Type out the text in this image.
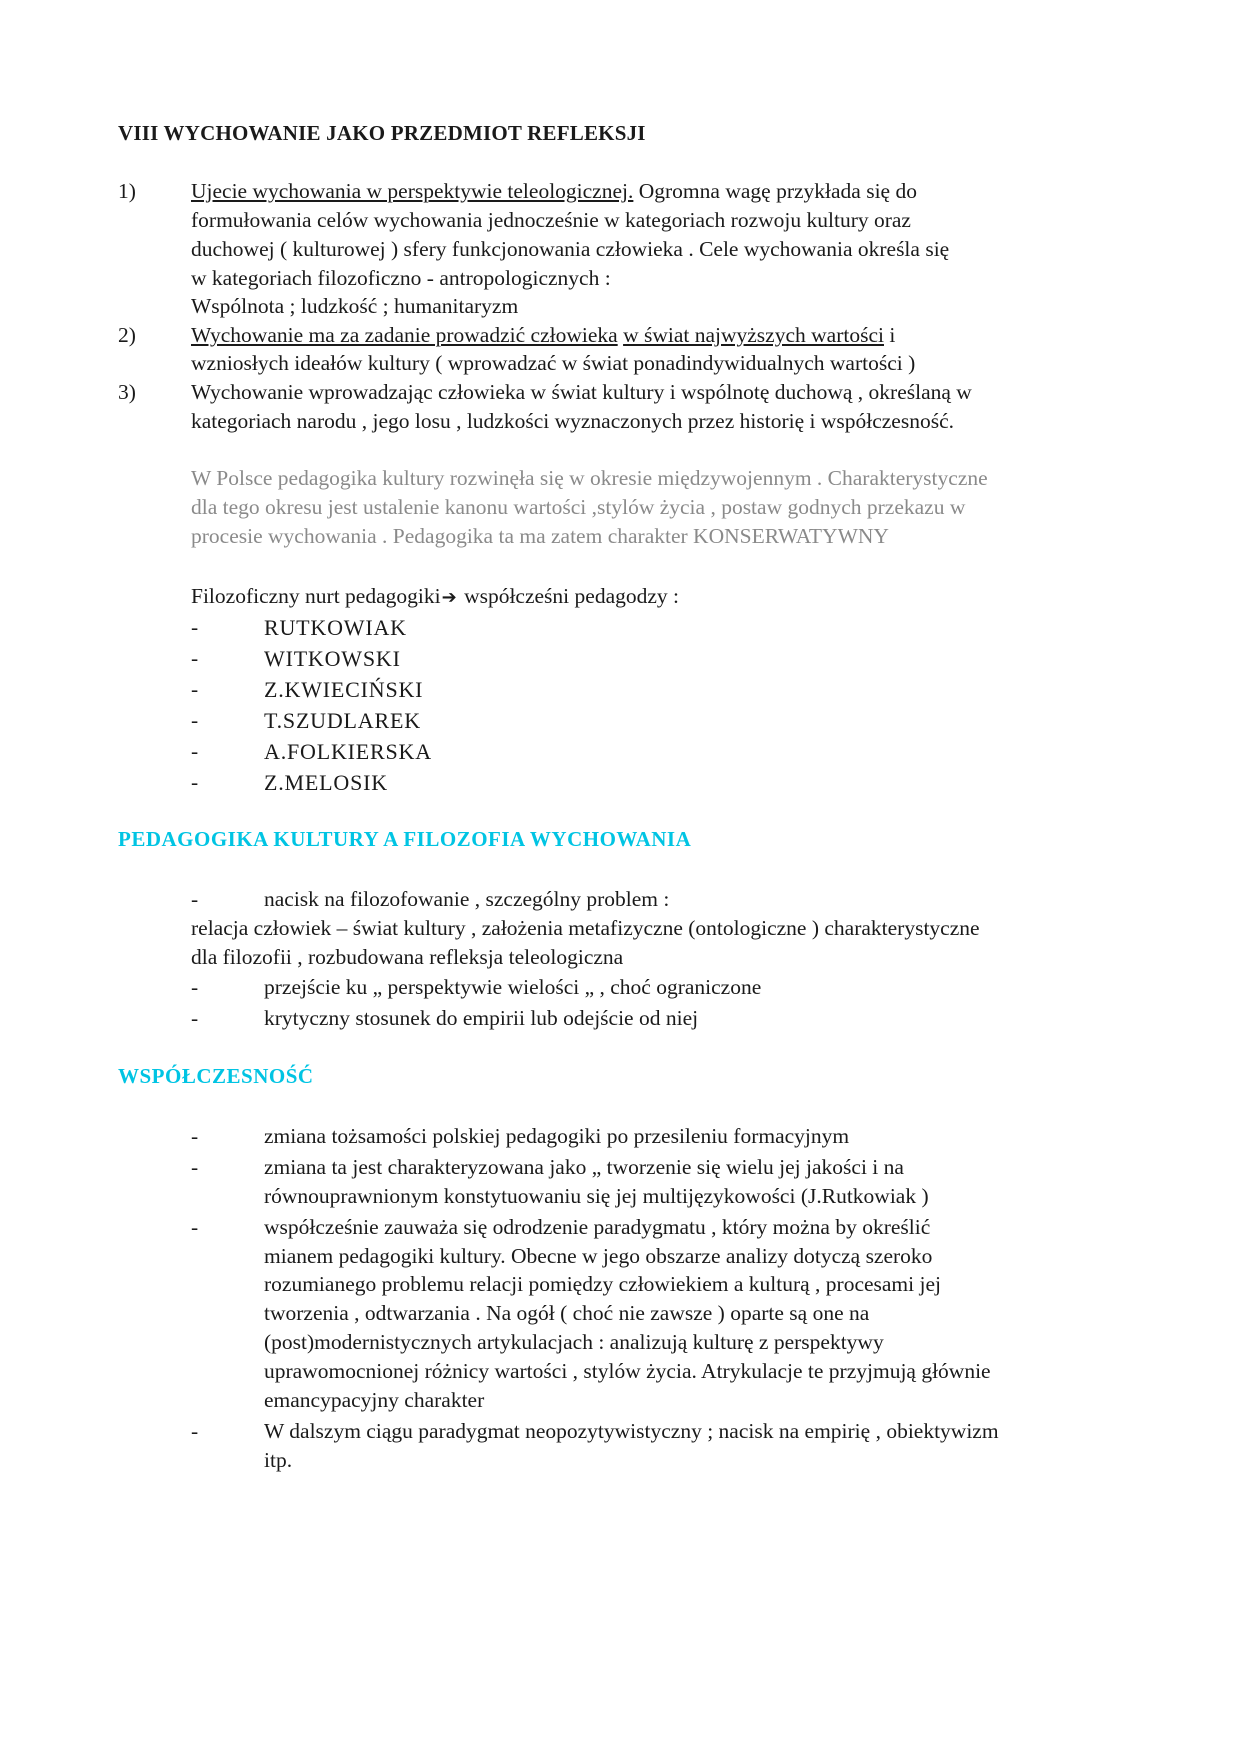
VIII WYCHOWANIE JAKO PRZEDMIOT REFLEKSJI
1)	Ujecie wychowania w perspektywie teleologicznej. Ogromna wagę przykłada się do
formułowania celów wychowania jednocześnie w kategoriach rozwoju kultury oraz
duchowej ( kulturowej ) sfery funkcjonowania człowieka . Cele wychowania określa się
w kategoriach filozoficzno - antropologicznych :
Wspólnota ; ludzkość ; humanitaryzm
2)	Wychowanie ma za zadanie prowadzić człowieka w świat najwyższych wartości i
wzniosłych ideałów kultury ( wprowadzać w świat ponadindywidualnych wartości )
3)	Wychowanie wprowadzając człowieka w świat kultury i wspólnotę duchową , określaną w
kategoriach narodu , jego losu , ludzkości wyznaczonych przez historię i współczesność.
W Polsce pedagogika kultury rozwinęła się w okresie międzywojennym . Charakterystyczne
dla tego okresu jest ustalenie kanonu wartości ,stylów życia , postaw godnych przekazu w
procesie wychowania . Pedagogika ta ma zatem charakter KONSERWATYWNY
Filozoficzny nurt pedagogiki➔ współcześni pedagodzy :
-	RUTKOWIAK
-	WITKOWSKI
-	Z.KWIECIŃSKI
-	T.SZUDLAREK
-	A.FOLKIERSKA
-	Z.MELOSIK
PEDAGOGIKA KULTURY A FILOZOFIA WYCHOWANIA
-	nacisk na filozofowanie , szczególny problem :
relacja człowiek – świat kultury , założenia metafizyczne (ontologiczne ) charakterystyczne
dla filozofii , rozbudowana refleksja teleologiczna
-	przejście ku „ perspektywie wielości „ , choć ograniczone
-	krytyczny stosunek do empirii lub odejście od niej
WSPÓŁCZESNOŚĆ
-	zmiana tożsamości polskiej pedagogiki po przesileniu formacyjnym
-	zmiana ta jest charakteryzowana jako „ tworzenie się wielu jej jakości i na
równouprawnionym konstytuowaniu się jej multijęzykowości (J.Rutkowiak )
-	współcześnie zauważa się odrodzenie paradygmatu , który można by określić
mianem pedagogiki kultury. Obecne w jego obszarze analizy dotyczą szeroko
rozumianego problemu relacji pomiędzy człowiekiem a kulturą , procesami jej
tworzenia , odtwarzania . Na ogół ( choć nie zawsze ) oparte są one na
(post)modernistycznych artykulacjach : analizują kulturę z perspektywy
uprawomocnionej różnicy wartości , stylów życia. Atrykulacje te przyjmują głównie
emancypacyjny charakter
-	W dalszym ciągu paradygmat neopozytywistyczny ; nacisk na empirię , obiektywizm
itp.
